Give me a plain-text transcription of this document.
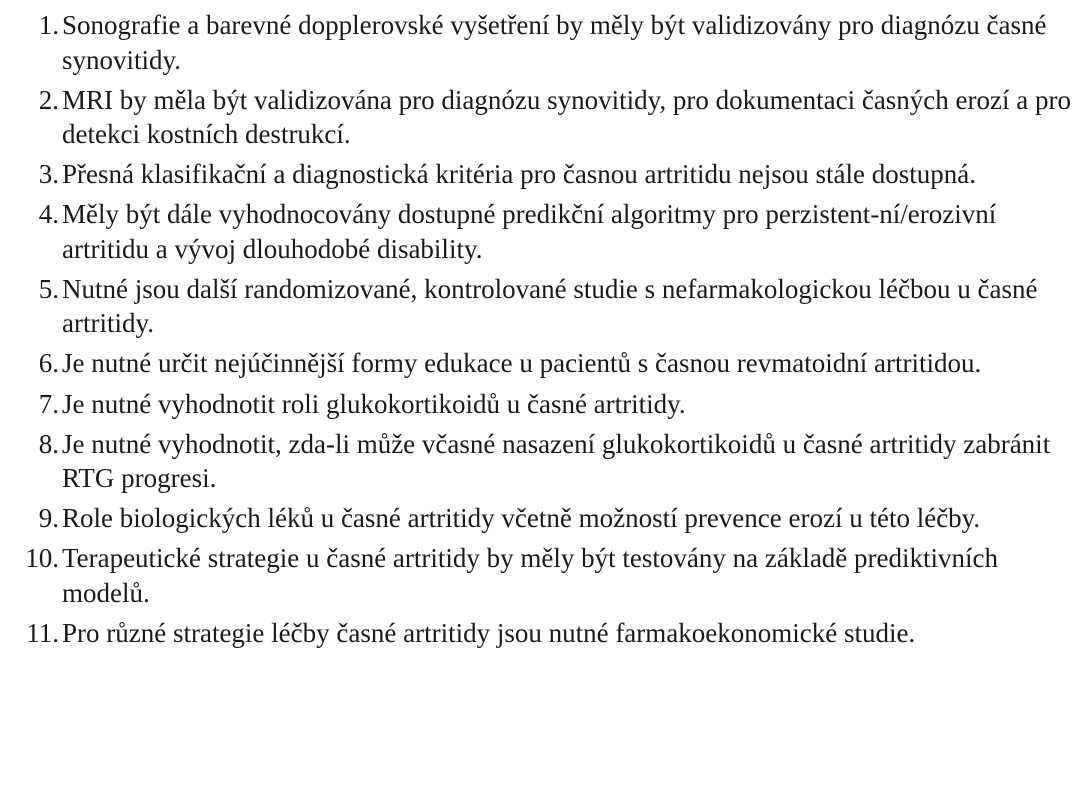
1. Sonografie a barevné dopplerovské vyšetření by měly být validizovány pro diagnózu časné synovitidy.
2. MRI by měla být validizována pro diagnózu synovitidy, pro dokumentaci časných erozí a pro detekci kostních destrukcí.
3. Přesná klasifikační a diagnostická kritéria pro časnou artritidu nejsou stále dostupná.
4. Měly být dále vyhodnocovány dostupné predikční algoritmy pro perzistent-ní/erozivní artritidu a vývoj dlouhodobé disability.
5. Nutné jsou další randomizované, kontrolované studie s nefarmakologickou léčbou u časné artritidy.
6. Je nutné určit nejúčinnější formy edukace u pacientů s časnou revmatoidní artritidou.
7. Je nutné vyhodnotit roli glukokortikoidů u časné artritidy.
8. Je nutné vyhodnotit, zda-li může včasné nasazení glukokortikoidů u časné artritidy zabránit RTG progresi.
9. Role biologických léků u časné artritidy včetně možností prevence erozí u této léčby.
10. Terapeutické strategie u časné artritidy by měly být testovány na základě prediktivních modelů.
11. Pro různé strategie léčby časné artritidy jsou nutné farmakoekonomické studie.
